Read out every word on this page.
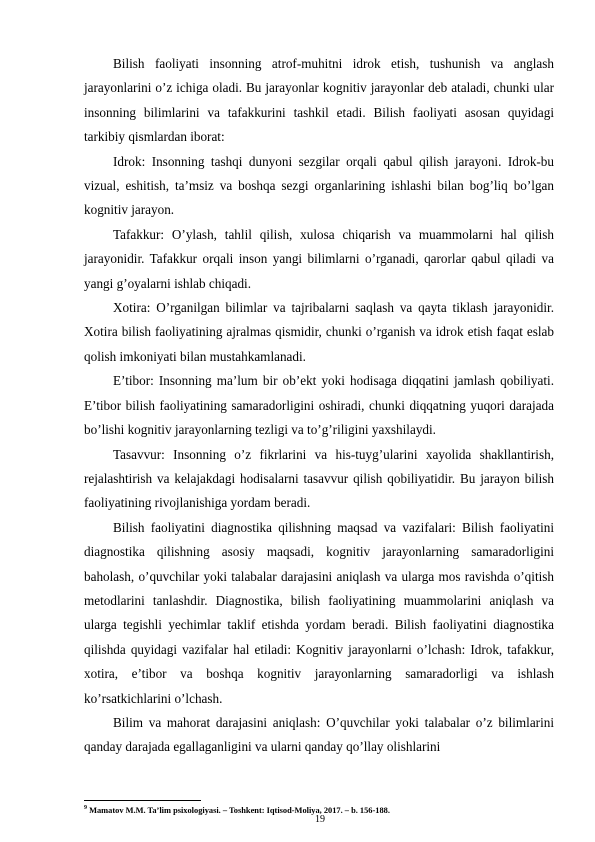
Bilish faoliyati insonning atrof-muhitni idrok etish, tushunish va anglash jarayonlarini o’z ichiga oladi. Bu jarayonlar kognitiv jarayonlar deb ataladi, chunki ular insonning bilimlarini va tafakkurini tashkil etadi. Bilish faoliyati asosan quyidagi tarkibiy qismlardan iborat:

Idrok: Insonning tashqi dunyoni sezgilar orqali qabul qilish jarayoni. Idrok-bu vizual, eshitish, ta’msiz va boshqa sezgi organlarining ishlashi bilan bog’liq bo’lgan kognitiv jarayon.

Tafakkur: O’ylash, tahlil qilish, xulosa chiqarish va muammolarni hal qilish jarayonidir. Tafakkur orqali inson yangi bilimlarni o’rganadi, qarorlar qabul qiladi va yangi g’oyalarni ishlab chiqadi.

Xotira: O’rganilgan bilimlar va tajribalarni saqlash va qayta tiklash jarayonidir. Xotira bilish faoliyatining ajralmas qismidir, chunki o’rganish va idrok etish faqat eslab qolish imkoniyati bilan mustahkamlanadi.

E’tibor: Insonning ma’lum bir ob’ekt yoki hodisaga diqqatini jamlash qobiliyati. E’tibor bilish faoliyatining samaradorligini oshiradi, chunki diqqatning yuqori darajada bo’lishi kognitiv jarayonlarning tezligi va to’g’riligini yaxshilaydi.

Tasavvur: Insonning o’z fikrlarini va his-tuyg’ularini xayolida shakllantirish, rejalashtirish va kelajakdagi hodisalarni tasavvur qilish qobiliyatidir. Bu jarayon bilish faoliyatining rivojlanishiga yordam beradi.

Bilish faoliyatini diagnostika qilishning maqsad va vazifalari: Bilish faoliyatini diagnostika qilishning asosiy maqsadi, kognitiv jarayonlarning samaradorligini baholash, o’quvchilar yoki talabalar darajasini aniqlash va ularga mos ravishda o’qitish metodlarini tanlashdir. Diagnostika, bilish faoliyatining muammolarini aniqlash va ularga tegishli yechimlar taklif etishda yordam beradi. Bilish faoliyatini diagnostika qilishda quyidagi vazifalar hal etiladi: Kognitiv jarayonlarni o’lchash: Idrok, tafakkur, xotira, e’tibor va boshqa kognitiv jarayonlarning samaradorligi va ishlash ko’rsatkichlarini o’lchash.

Bilim va mahorat darajasini aniqlash: O’quvchilar yoki talabalar o’z bilimlarini qanday darajada egallaganligini va ularni qanday qo’llay olishlarini

$^9$ Mamatov M.M. Ta’lim psixologiyasi. – Toshkent: Iqtisod-Moliya, 2017. – b. 156-188.
19
